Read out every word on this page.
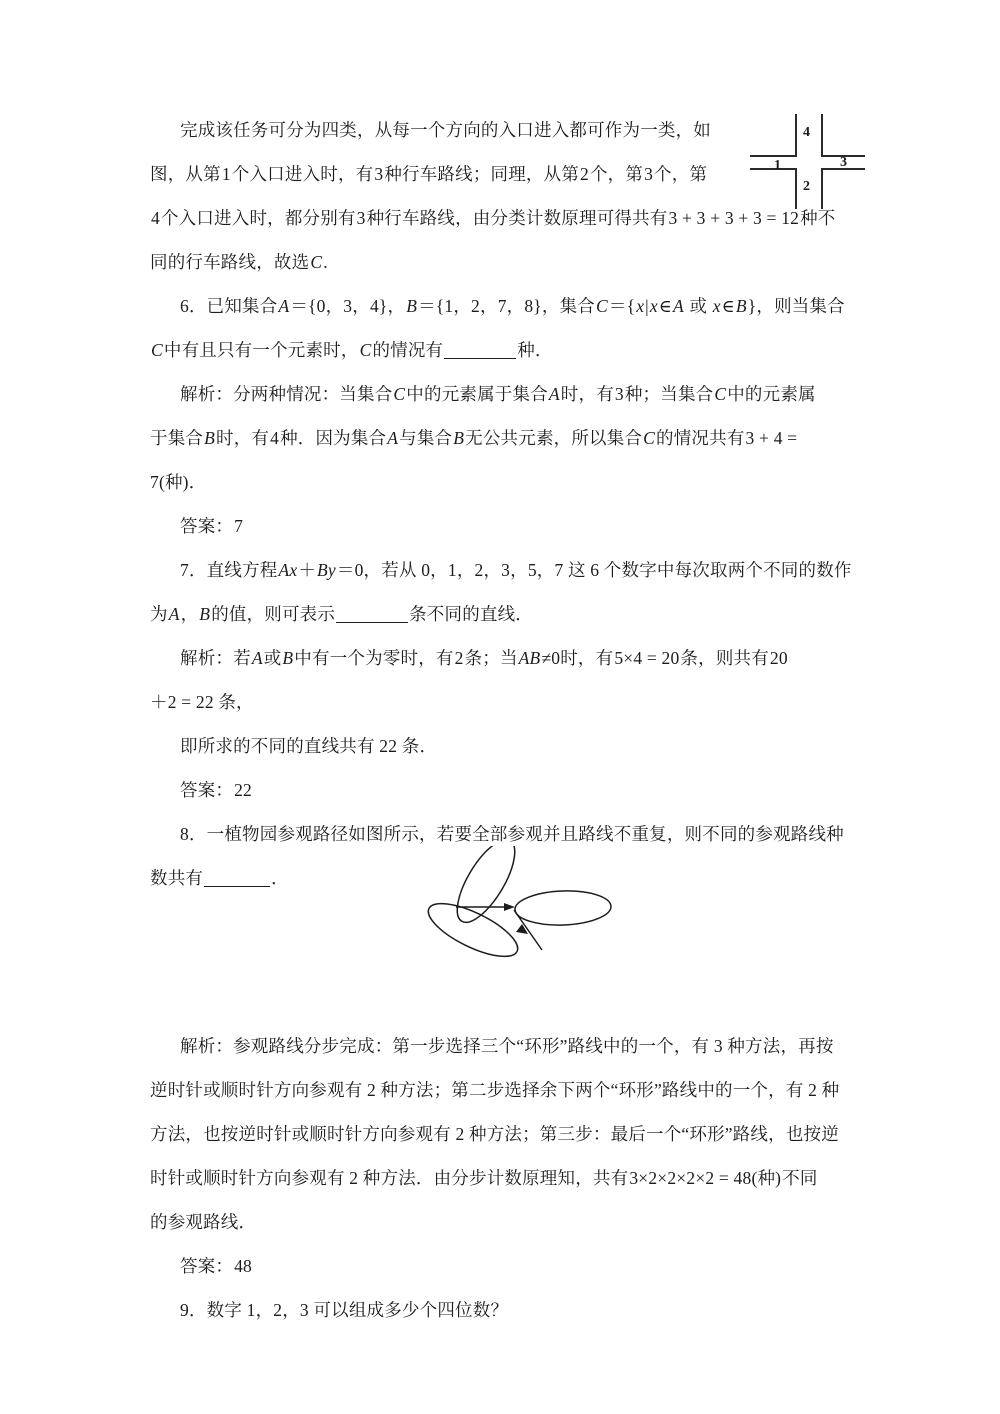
4
1	3
2
完成该任务可分为四类，从每一个方向的入口进入都可作为一类，如
图，从第1个入口进入时，有3种行车路线；同理，从第2个，第3个，第
4个入口进入时，都分别有3种行车路线，由分类计数原理可得共有3 + 3 + 3 + 3 = 12种不
同的行车路线，故选C.
6．已知集合A＝{0，3，4}，B＝{1，2，7，8}，集合C＝{x|x∈A 或 x∈B}，则当集合
C中有且只有一个元素时，C的情况有	种．
解析：分两种情况：当集合C中的元素属于集合A时，有3种；当集合C中的元素属
于集合B时，有4种．因为集合A与集合B无公共元素，所以集合C的情况共有3 + 4 =
7(种)．
答案：7
7．直线方程Ax＋By＝0，若从 0，1，2，3，5，7 这 6 个数字中每次取两个不同的数作
为A，B的值，则可表示	条不同的直线．
解析：若A或B中有一个为零时，有2条；当AB≠0时，有5×4 = 20条，则共有20
＋2 = 22 条，
即所求的不同的直线共有 22 条．
答案：22
8．一植物园参观路径如图所示，若要全部参观并且路线不重复，则不同的参观路线种
数共有	．
解析：参观路线分步完成：第一步选择三个“环形”路线中的一个，有 3 种方法，再按
逆时针或顺时针方向参观有 2 种方法；第二步选择余下两个“环形”路线中的一个，有 2 种
方法，也按逆时针或顺时针方向参观有 2 种方法；第三步：最后一个“环形”路线，也按逆
时针或顺时针方向参观有 2 种方法．由分步计数原理知，共有3×2×2×2×2 = 48(种)不同
的参观路线．
答案：48
9．数字 1，2，3 可以组成多少个四位数？
